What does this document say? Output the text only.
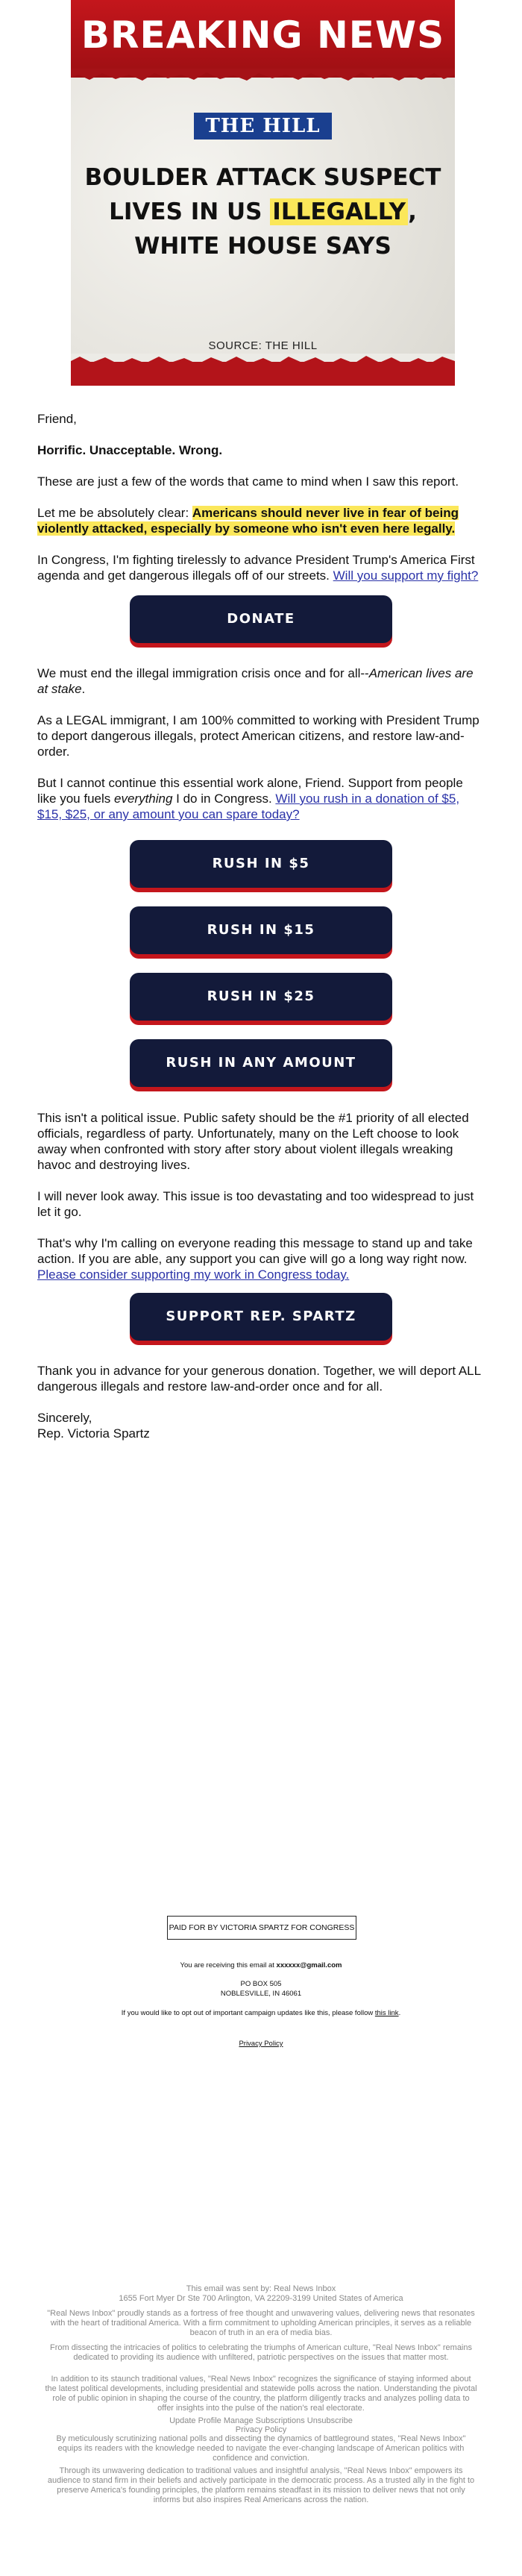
BREAKING NEWS
THE HILL
BOULDER ATTACK SUSPECT LIVES IN US ILLEGALLY, WHITE HOUSE SAYS
SOURCE: THE HILL

Friend,

Horrific. Unacceptable. Wrong.

These are just a few of the words that came to mind when I saw this report.

Let me be absolutely clear: Americans should never live in fear of being violently attacked, especially by someone who isn't even here legally.

In Congress, I'm fighting tirelessly to advance President Trump's America First agenda and get dangerous illegals off of our streets. Will you support my fight?

DONATE

We must end the illegal immigration crisis once and for all--American lives are at stake.

As a LEGAL immigrant, I am 100% committed to working with President Trump to deport dangerous illegals, protect American citizens, and restore law-and-order.

But I cannot continue this essential work alone, Friend. Support from people like you fuels everything I do in Congress. Will you rush in a donation of $5, $15, $25, or any amount you can spare today?

RUSH IN $5
RUSH IN $15
RUSH IN $25
RUSH IN ANY AMOUNT

This isn't a political issue. Public safety should be the #1 priority of all elected officials, regardless of party. Unfortunately, many on the Left choose to look away when confronted with story after story about violent illegals wreaking havoc and destroying lives.

I will never look away. This issue is too devastating and too widespread to just let it go.

That's why I'm calling on everyone reading this message to stand up and take action. If you are able, any support you can give will go a long way right now. Please consider supporting my work in Congress today.

SUPPORT REP. SPARTZ

Thank you in advance for your generous donation. Together, we will deport ALL dangerous illegals and restore law-and-order once and for all.

Sincerely,

Rep. Victoria Spartz

PAID FOR BY VICTORIA SPARTZ FOR CONGRESS
You are receiving this email at xxxxxx@gmail.com
PO BOX 505
NOBLESVILLE, IN 46061
If you would like to opt out of important campaign updates like this, please follow this link.
Privacy Policy
This email was sent by: Real News Inbox
1655 Fort Myer Dr Ste 700 Arlington, VA 22209-3199 United States of America
"Real News Inbox" proudly stands as a fortress of free thought and unwavering values, delivering news that resonates with the heart of traditional America. With a firm commitment to upholding American principles, it serves as a reliable beacon of truth in an era of media bias.
From dissecting the intricacies of politics to celebrating the triumphs of American culture, "Real News Inbox" remains dedicated to providing its audience with unfiltered, patriotic perspectives on the issues that matter most.
In addition to its staunch traditional values, "Real News Inbox" recognizes the significance of staying informed about the latest political developments, including presidential and statewide polls across the nation. Understanding the pivotal role of public opinion in shaping the course of the country, the platform diligently tracks and analyzes polling data to offer insights into the pulse of the nation's real electorate.
Update Profile Manage Subscriptions Unsubscribe
Privacy Policy
By meticulously scrutinizing national polls and dissecting the dynamics of battleground states, "Real News Inbox" equips its readers with the knowledge needed to navigate the ever-changing landscape of American politics with confidence and conviction.
Through its unwavering dedication to traditional values and insightful analysis, "Real News Inbox" empowers its audience to stand firm in their beliefs and actively participate in the democratic process. As a trusted ally in the fight to preserve America's founding principles, the platform remains steadfast in its mission to deliver news that not only informs but also inspires Real Americans across the nation.
